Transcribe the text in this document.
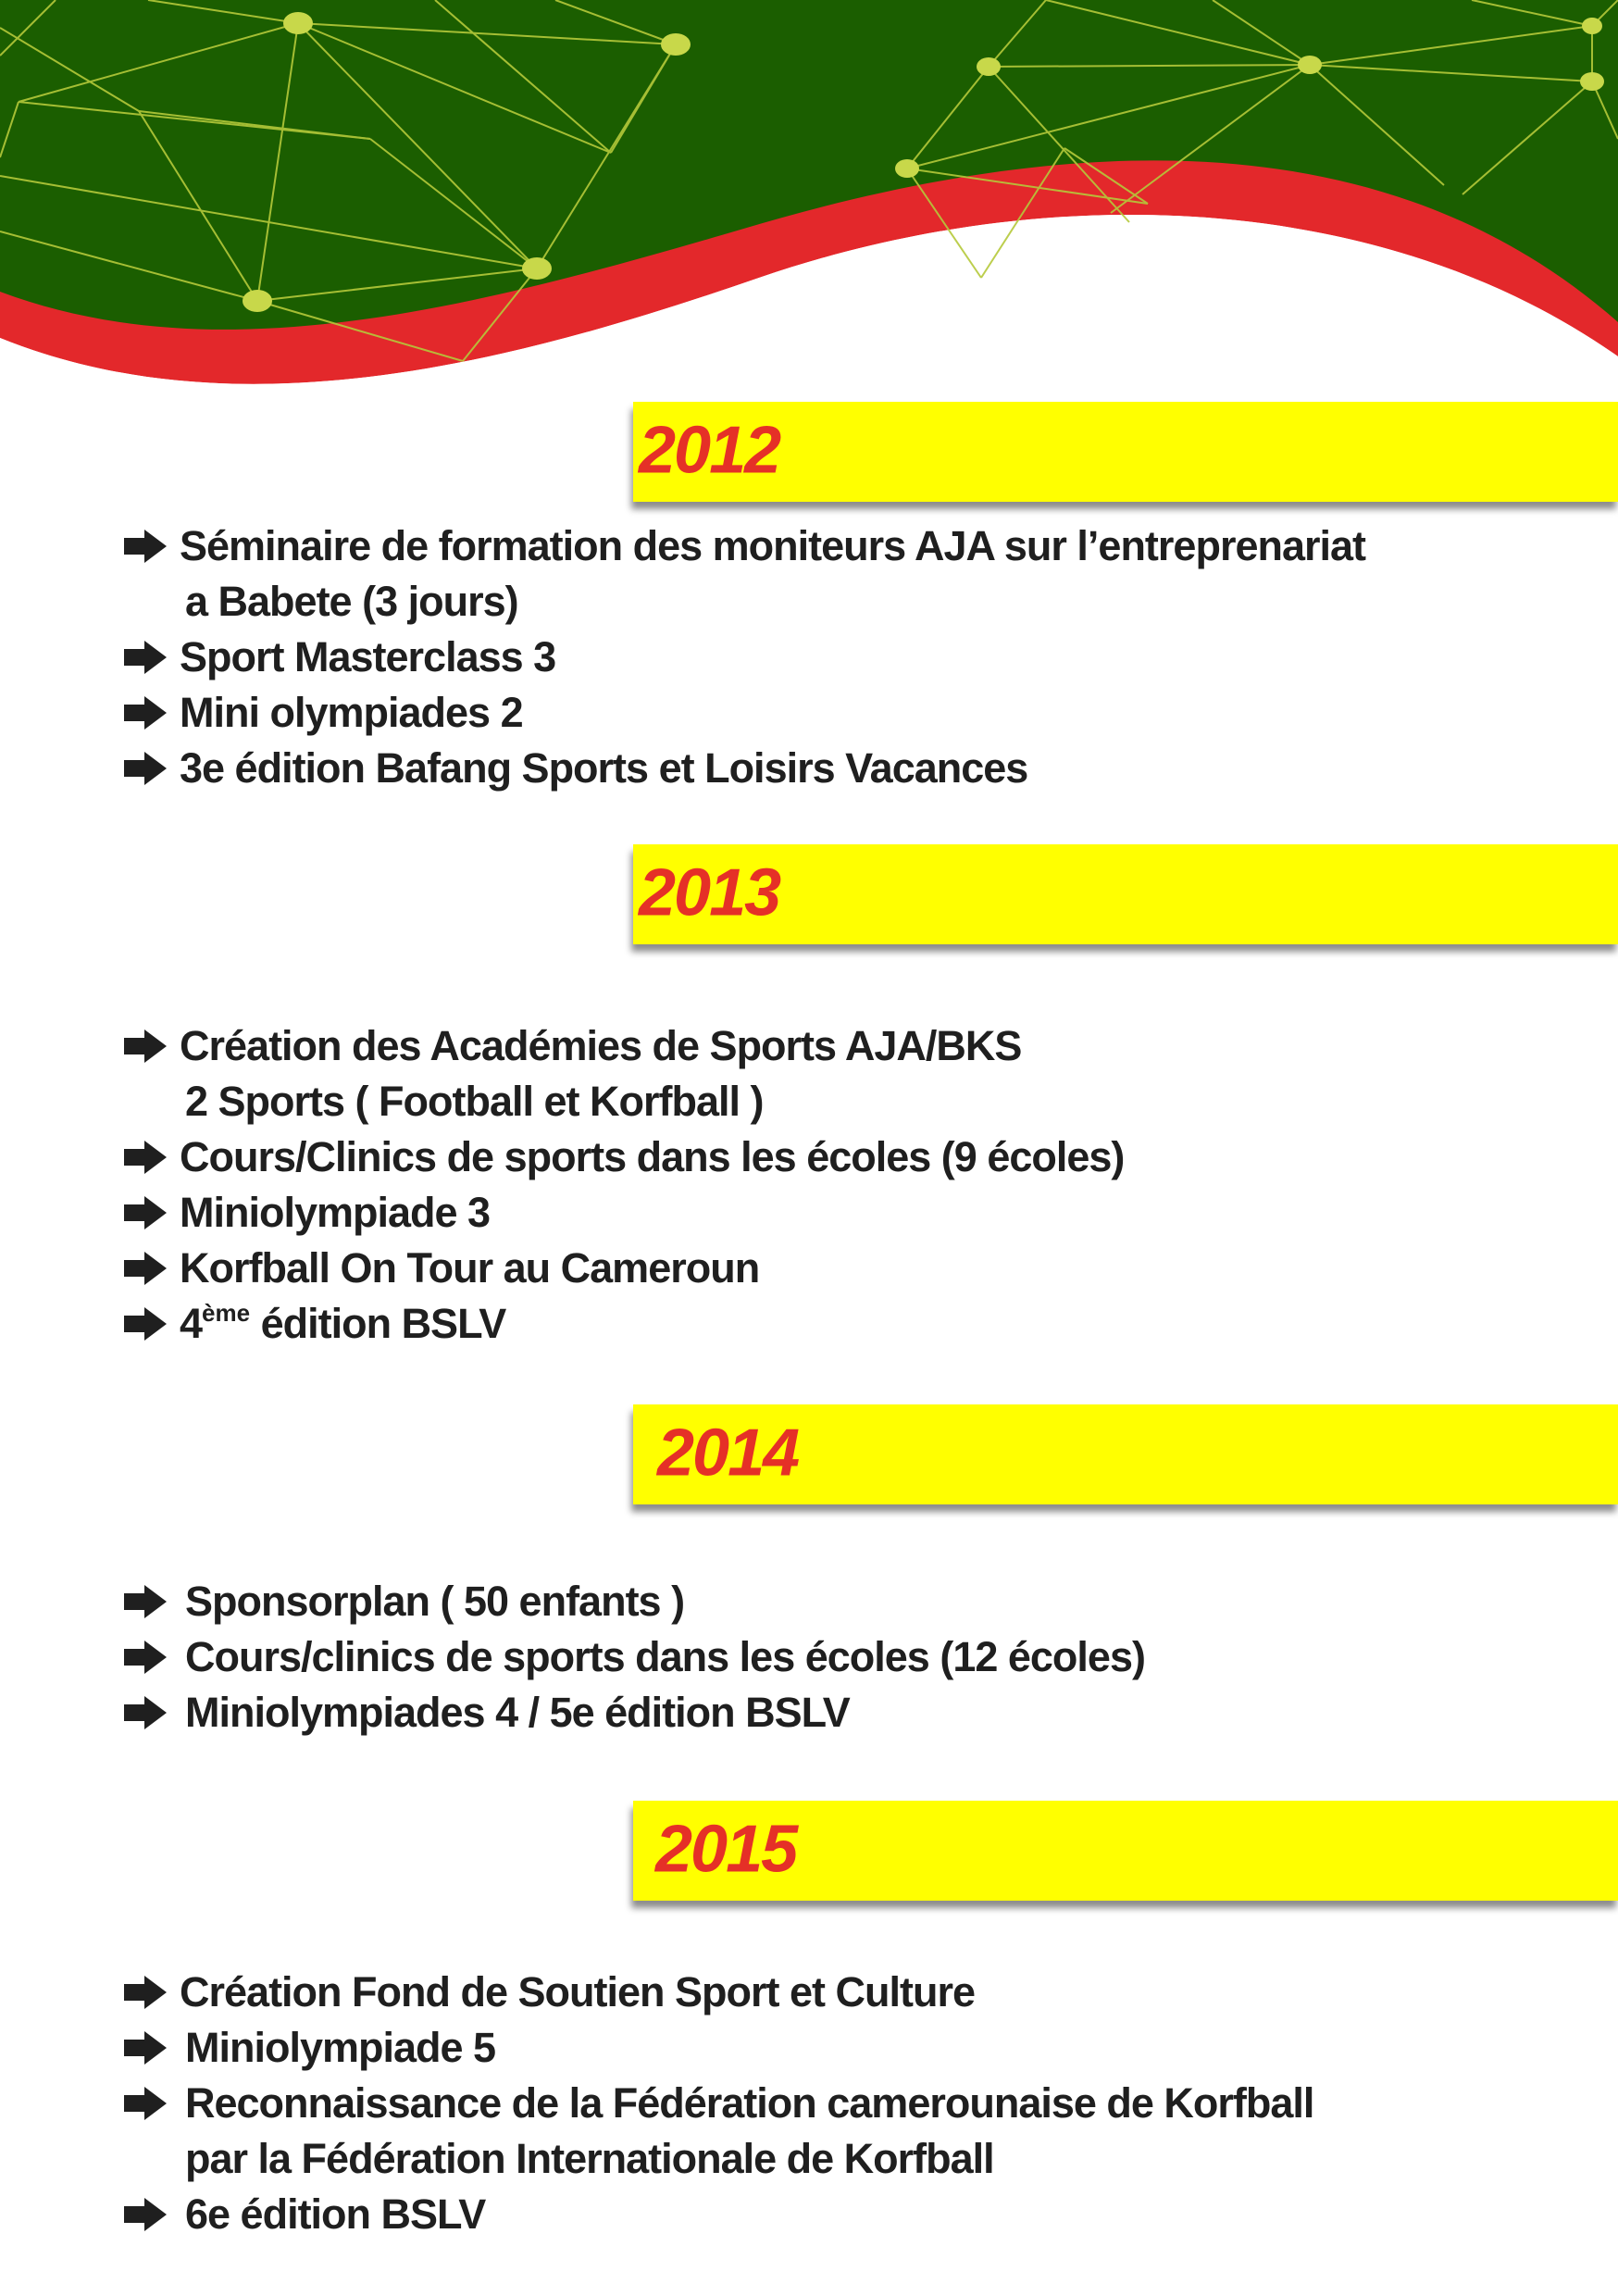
2012
Séminaire de formation des moniteurs AJA sur l’entreprenariat
a Babete (3 jours)
Sport Masterclass 3
Mini olympiades 2
3e édition Bafang Sports et Loisirs Vacances
2013
Création des Académies de Sports AJA/BKS
2 Sports ( Football et Korfball )
Cours/Clinics de sports dans les écoles (9 écoles)
Miniolympiade 3
Korfball On Tour au Cameroun
4ème édition BSLV
2014
Sponsorplan ( 50 enfants )
Cours/clinics de sports dans les écoles (12 écoles)
Miniolympiades 4 / 5e édition BSLV
2015
Création Fond de Soutien Sport et Culture
Miniolympiade 5
Reconnaissance de la Fédération camerounaise de Korfball
par la Fédération Internationale de Korfball
6e édition BSLV
